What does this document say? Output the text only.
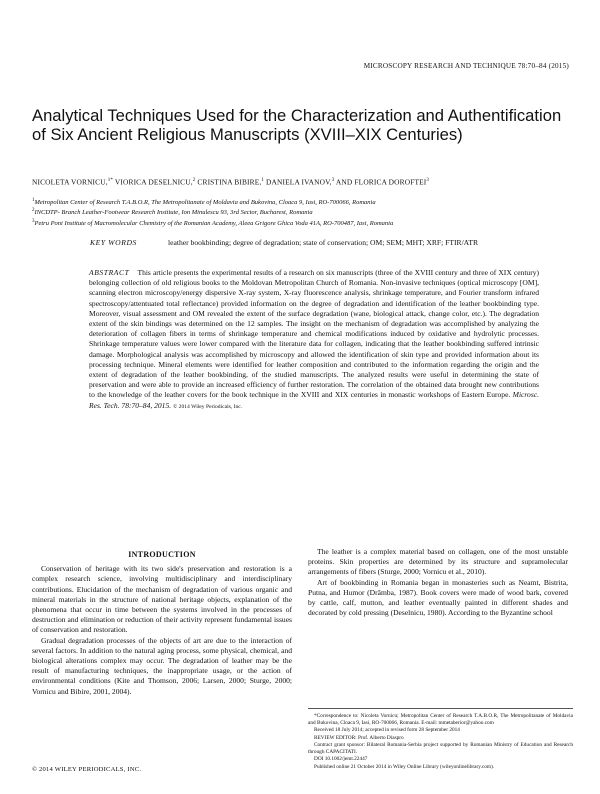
MICROSCOPY RESEARCH AND TECHNIQUE 78:70–84 (2015)
Analytical Techniques Used for the Characterization and Authentification of Six Ancient Religious Manuscripts (XVIII–XIX Centuries)
NICOLETA VORNICU,$^{1*}$ VIORICA DESELNICU,$^2$ CRISTINA BIBIRE,$^1$ DANIELA IVANOV,$^3$ AND FLORICA DOROFTEI$^3$

$^1$Metropolitan Center of Research T.A.B.O.R, The Metropolitanate of Moldavia and Bukovina, Cloaca 9, Iasi, RO-700066, Romania

$^2$INCDTP- Branch Leather-Footwear Research Institute, Ion Minulescu 93, 3rd Sector, Bucharest, Romania

$^3$Petru Poni Institute of Macromolecular Chemistry of the Romanian Academy, Aleea Grigore Ghica Voda 41A, RO-700487, Iasi, Romania

KEY WORDS	leather bookbinding; degree of degradation; state of conservation; OM; SEM; MHT; XRF; FTIR/ATR
ABSTRACT This article presents the experimental results of a research on six manuscripts (three of the XVIII century and three of XIX century) belonging collection of old religious books to the Moldovan Metropolitan Church of Romania. Non-invasive techniques (optical microscopy [OM], scanning electron microscopy/energy dispersive X-ray system, X-ray fluorescence analysis, shrinkage temperature, and Fourier transform infrared spectroscopy/attentuated total reflectance) provided information on the degree of degradation and identification of the leather bookbinding type. Moreover, visual assessment and OM revealed the extent of the surface degradation (wane, biological attack, change color, etc.). The degradation extent of the skin bindings was determined on the 12 samples. The insight on the mechanism of degradation was accomplished by analyzing the deterioration of collagen fibers in terms of shrinkage temperature and chemical modifications induced by oxidative and hydrolytic processes. Shrinkage temperature values were lower compared with the literature data for collagen, indicating that the leather bookbinding suffered intrinsic damage. Morphological analysis was accomplished by microscopy and allowed the identification of skin type and provided information about its processing technique. Mineral elements were identified for leather composition and contributed to the information regarding the origin and the extent of degradation of the leather bookbinding, of the studied manuscripts. The analyzed results were useful in determining the state of preservation and were able to provide an increased efficiency of further restoration. The correlation of the obtained data brought new contributions to the knowledge of the leather covers for the book technique in the XVIII and XIX centuries in monastic workshops of Eastern Europe. Microsc. Res. Tech. 78:70–84, 2015. © 2014 Wiley Periodicals, Inc.
INTRODUCTION

Conservation of heritage with its two side's preservation and restoration is a complex research science, involving multidisciplinary and interdisciplinary contributions. Elucidation of the mechanism of degradation of various organic and mineral materials in the structure of national heritage objects, explanation of the phenomena that occur in time between the systems involved in the processes of destruction and elimination or reduction of their activity represent fundamental issues of conservation and restoration.

Gradual degradation processes of the objects of art are due to the interaction of several factors. In addition to the natural aging process, some physical, chemical, and biological alterations complex may occur. The degradation of leather may be the result of manufacturing techniques, the inappropriate usage, or the action of environmental conditions (Kite and Thomson, 2006; Larsen, 2000; Sturge, 2000; Vornicu and Bibire, 2001, 2004).

The leather is a complex material based on collagen, one of the most unstable proteins. Skin properties are determined by its structure and supramolecular arrangements of fibers (Sturge, 2000; Vornicu et al., 2010).

Art of bookbinding in Romania began in monasteries such as Neamt, Bistrita, Putna, and Humor (Drâmba, 1987). Book covers were made of wood bark, covered by cattle, calf, mutton, and leather eventually painted in different shades and decorated by cold pressing (Deselnicu, 1980). According to the Byzantine school

*Correspondence to: Nicoleta Vornicu; Metropolitan Center of Research T.A.B.O.R, The Metropolitanate of Moldavia and Bukovina, Cloaca 9, Iasi, RO-700066, Romania. E-mail: mmetaberior@yahoo.com

Received 18 July 2014; accepted in revised form 28 September 2014

REVIEW EDITOR: Prof. Alberto Diaspro

Contract grant sponsor: Bilateral Romania-Serbia project supported by Romanian Ministry of Education and Research through CAPACITATI.

DOI 10.1002/jemt.22447

Published online 21 October 2014 in Wiley Online Library (wileyonlinelibrary.com).

© 2014 WILEY PERIODICALS, INC.
